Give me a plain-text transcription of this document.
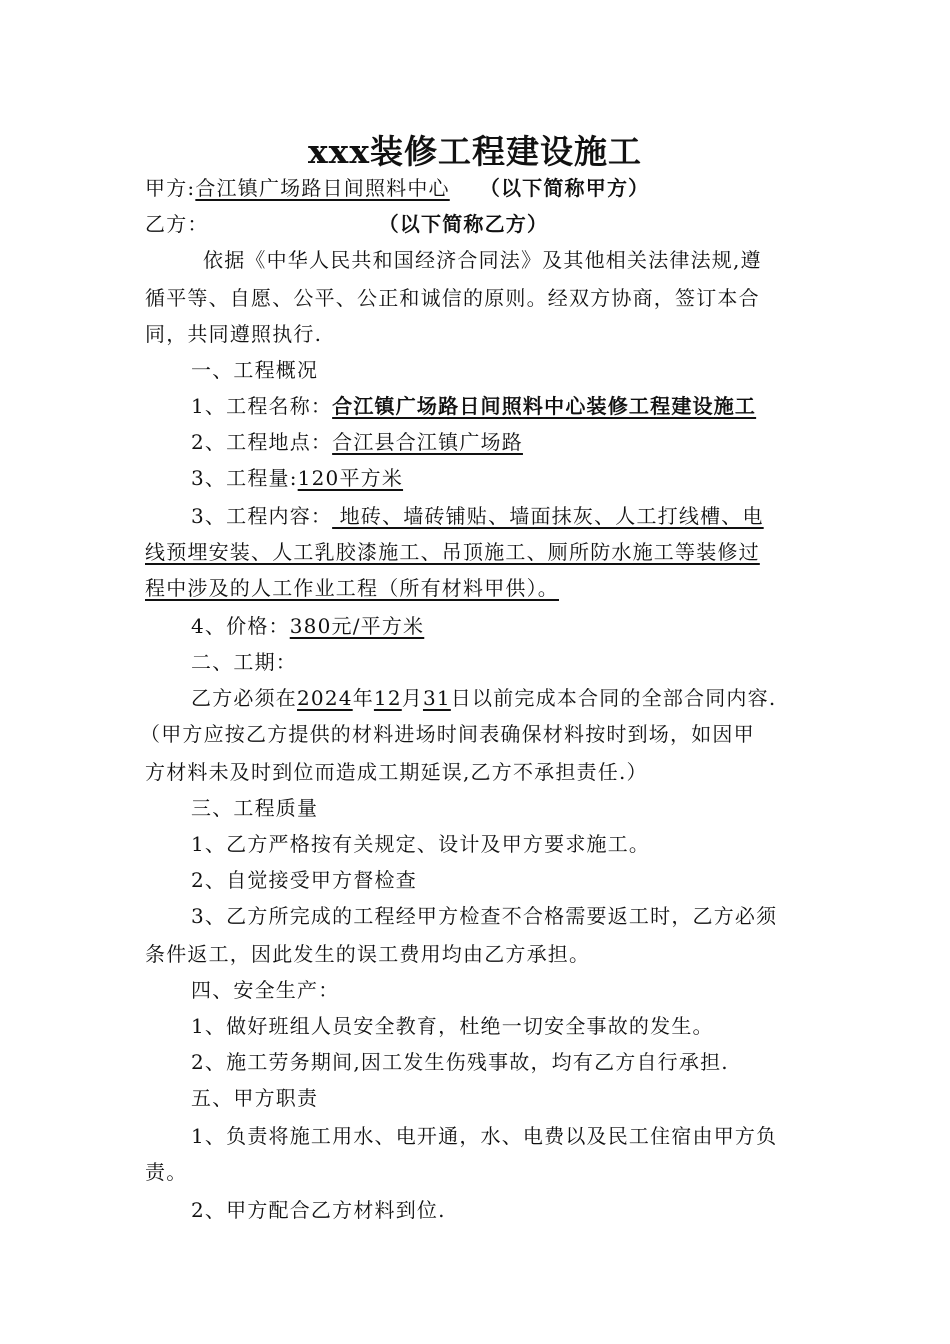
xxx装修工程建设施工
甲方:合江镇广场路日间照料中心 （以下简称甲方）
乙方：	（以下简称乙方）
依据《中华人民共和国经济合同法》及其他相关法律法规,遵
循平等、自愿、公平、公正和诚信的原则。经双方协商，签订本合
同，共同遵照执行.
一、工程概况
1、工程名称：合江镇广场路日间照料中心装修工程建设施工
2、工程地点：合江县合江镇广场路
3、工程量:120平方米
3、工程内容： 地砖、墙砖铺贴、墙面抹灰、人工打线槽、电
线预埋安装、人工乳胶漆施工、吊顶施工、厕所防水施工等装修过
程中涉及的人工作业工程（所有材料甲供）。
4、价格：380元/平方米
二、工期：
乙方必须在2024年12月31日以前完成本合同的全部合同内容.
（甲方应按乙方提供的材料进场时间表确保材料按时到场，如因甲
方材料未及时到位而造成工期延误,乙方不承担责任.）
三、工程质量
1、乙方严格按有关规定、设计及甲方要求施工。
2、自觉接受甲方督检查
3、乙方所完成的工程经甲方检查不合格需要返工时，乙方必须
条件返工，因此发生的误工费用均由乙方承担。
四、安全生产：
1、做好班组人员安全教育，杜绝一切安全事故的发生。
2、施工劳务期间,因工发生伤残事故，均有乙方自行承担.
五、甲方职责
1、负责将施工用水、电开通，水、电费以及民工住宿由甲方负
责。
2、甲方配合乙方材料到位.
